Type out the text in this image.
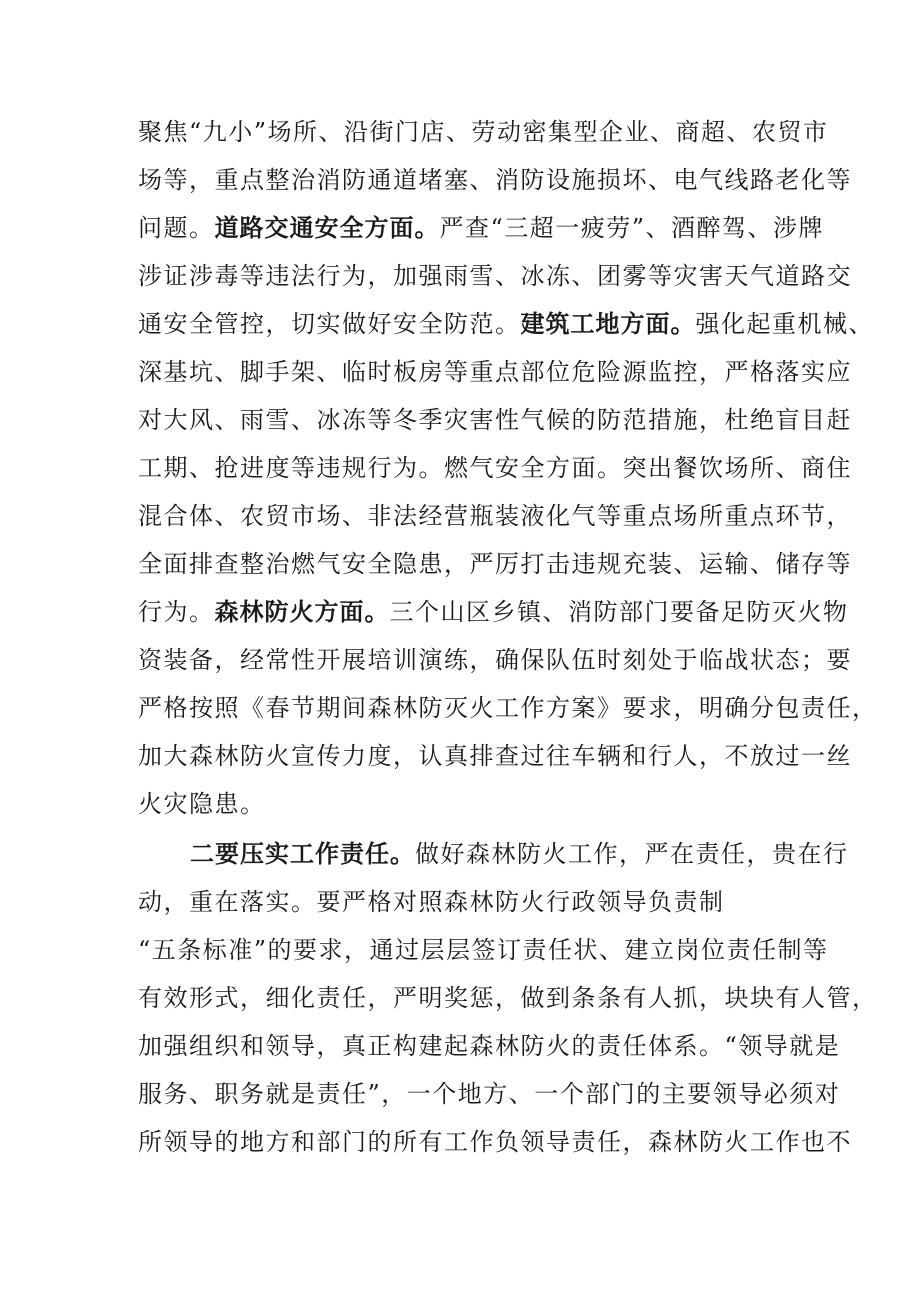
聚焦“九小”场所、沿街门店、劳动密集型企业、商超、农贸市
场等，重点整治消防通道堵塞、消防设施损坏、电气线路老化等
问题。道路交通安全方面。严查“三超一疲劳”、酒醉驾、涉牌
涉证涉毒等违法行为，加强雨雪、冰冻、团雾等灾害天气道路交
通安全管控，切实做好安全防范。建筑工地方面。强化起重机械、
深基坑、脚手架、临时板房等重点部位危险源监控，严格落实应
对大风、雨雪、冰冻等冬季灾害性气候的防范措施，杜绝盲目赶
工期、抢进度等违规行为。燃气安全方面。突出餐饮场所、商住
混合体、农贸市场、非法经营瓶装液化气等重点场所重点环节，
全面排查整治燃气安全隐患，严厉打击违规充装、运输、储存等
行为。森林防火方面。三个山区乡镇、消防部门要备足防灭火物
资装备，经常性开展培训演练，确保队伍时刻处于临战状态；要
严格按照《春节期间森林防灭火工作方案》要求，明确分包责任，
加大森林防火宣传力度，认真排查过往车辆和行人，不放过一丝
火灾隐患。
二要压实工作责任。做好森林防火工作，严在责任，贵在行
动，重在落实。要严格对照森林防火行政领导负责制
“五条标准”的要求，通过层层签订责任状、建立岗位责任制等
有效形式，细化责任，严明奖惩，做到条条有人抓，块块有人管，
加强组织和领导，真正构建起森林防火的责任体系。“领导就是
服务、职务就是责任”，一个地方、一个部门的主要领导必须对
所领导的地方和部门的所有工作负领导责任，森林防火工作也不
